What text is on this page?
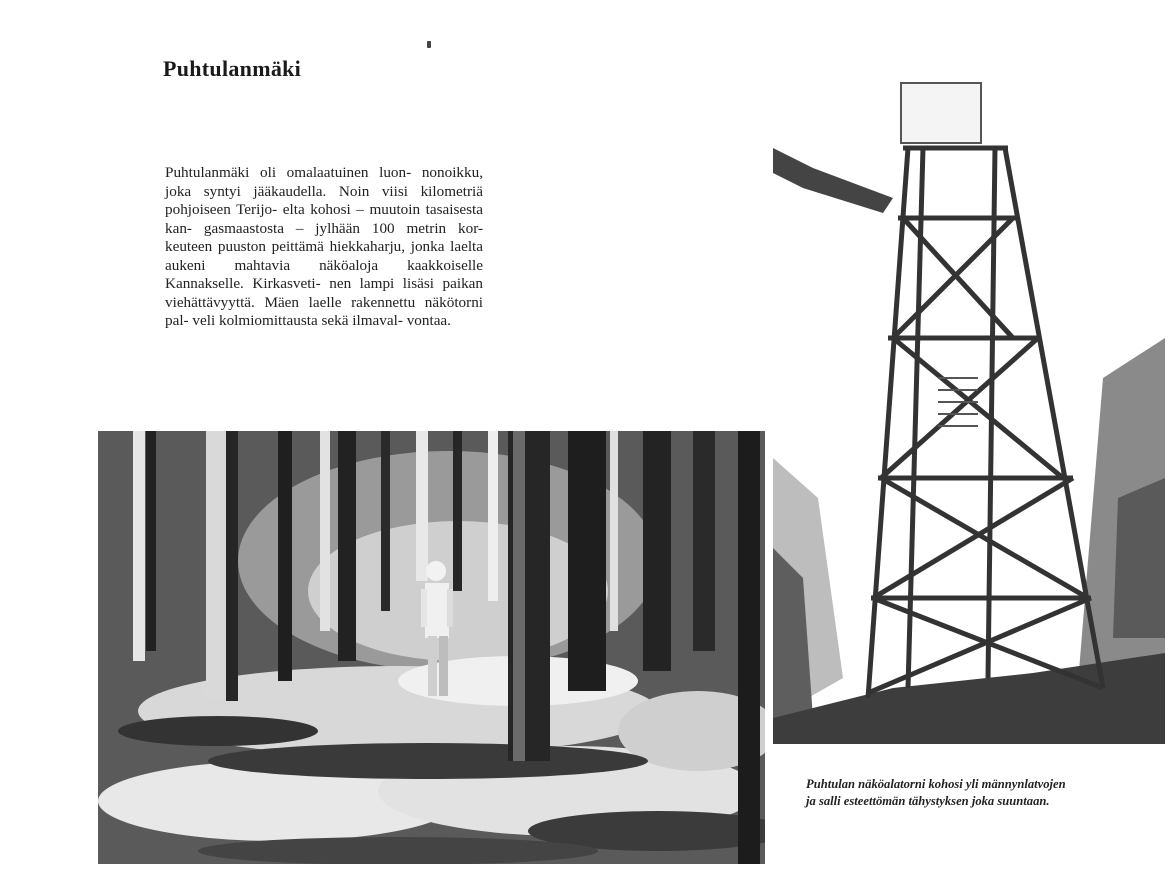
Puhtulanmäki

Puhtulanmäki oli omalaatuinen luon- nonoikku, joka syntyi jääkaudella. Noin viisi kilometriä pohjoiseen Terijo- elta kohosi – muutoin tasaisesta kan- gasmaastosta – jylhään 100 metrin kor- keuteen puuston peittämä hiekkaharju, jonka laelta aukeni mahtavia näköaloja kaakkoiselle Kannakselle. Kirkasveti- nen lampi lisäsi paikan viehättävyyttä. Mäen laelle rakennettu näkötorni pal- veli kolmiomittausta sekä ilmaval- vontaa.

Puhtulan näköalatorni kohosi yli männynlatvojen
ja salli esteettömän tähystyksen joka suuntaan.
